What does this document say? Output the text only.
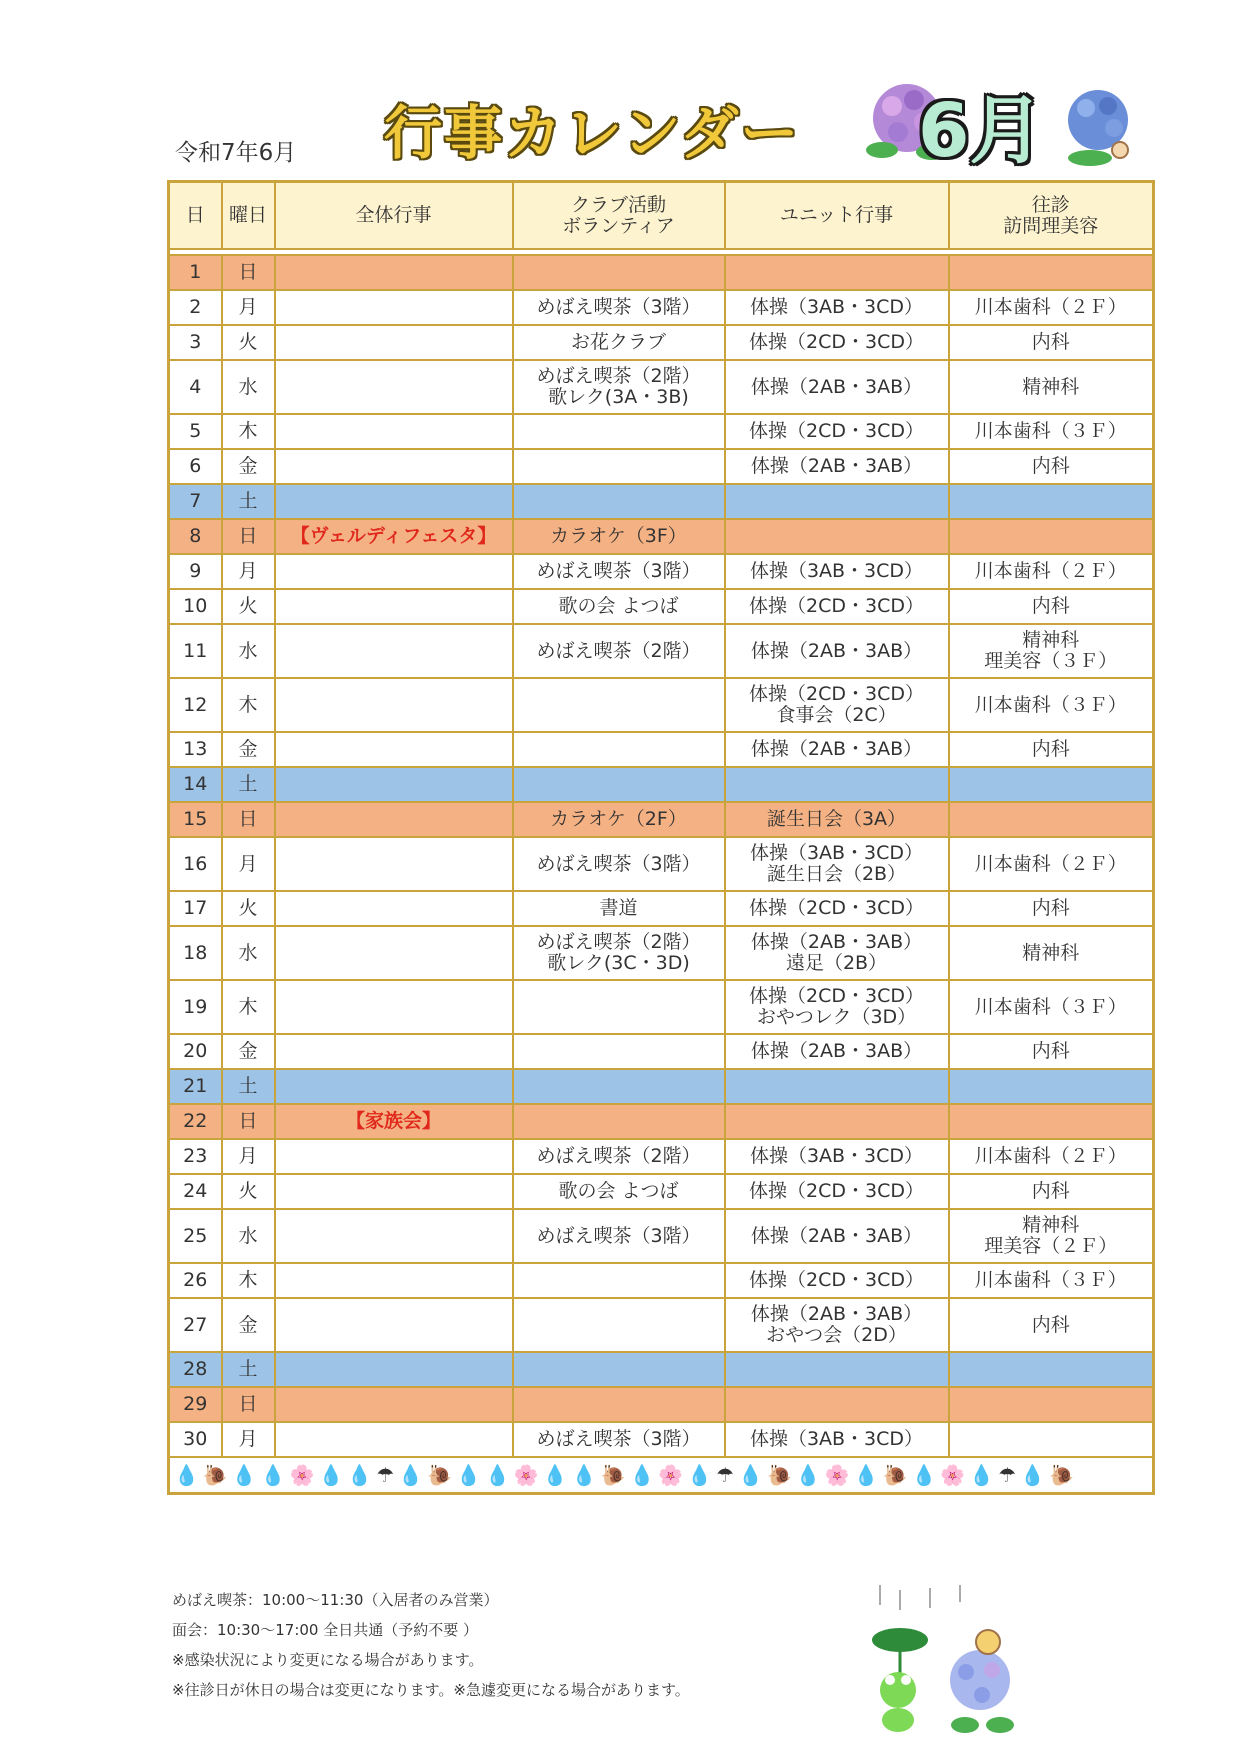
令和7年6月 行事カレンダー 6月
日	曜日	全体行事	クラブ活動
ボランティア	ユニット行事	往診
訪問理美容

1	日				
2	月		めばえ喫茶（3階）	体操（3AB・3CD）	川本歯科（２Ｆ）
3	火		お花クラブ	体操（2CD・3CD）	内科
4	水		めばえ喫茶（2階）
歌レク(3A・3B)	体操（2AB・3AB）	精神科
5	木			体操（2CD・3CD）	川本歯科（３Ｆ）
6	金			体操（2AB・3AB）	内科
7	土				
8	日	【ヴェルディフェスタ】	カラオケ（3F）		
9	月		めばえ喫茶（3階）	体操（3AB・3CD）	川本歯科（２Ｆ）
10	火		歌の会 よつば	体操（2CD・3CD）	内科
11	水		めばえ喫茶（2階）	体操（2AB・3AB）	精神科
理美容（３Ｆ）
12	木			体操（2CD・3CD）
食事会（2C）	川本歯科（３Ｆ）
13	金			体操（2AB・3AB）	内科
14	土				
15	日		カラオケ（2F）	誕生日会（3A）	
16	月		めばえ喫茶（3階）	体操（3AB・3CD）
誕生日会（2B）	川本歯科（２Ｆ）
17	火		書道	体操（2CD・3CD）	内科
18	水		めばえ喫茶（2階）
歌レク(3C・3D)	体操（2AB・3AB）
遠足（2B）	精神科
19	木			体操（2CD・3CD）
おやつレク（3D）	川本歯科（３Ｆ）
20	金			体操（2AB・3AB）	内科
21	土				
22	日	【家族会】			
23	月		めばえ喫茶（2階）	体操（3AB・3CD）	川本歯科（２Ｆ）
24	火		歌の会 よつば	体操（2CD・3CD）	内科
25	水		めばえ喫茶（3階）	体操（2AB・3AB）	精神科
理美容（２Ｆ）
26	木			体操（2CD・3CD）	川本歯科（３Ｆ）
27	金			体操（2AB・3AB）
おやつ会（2D）	内科
28	土				
29	日				
30	月		めばえ喫茶（3階）	体操（3AB・3CD）	
💧🐌💧💧🌸💧💧☂💧🐌💧💧🌸💧💧🐌💧🌸💧☂💧🐌💧🌸💧🐌💧🌸💧☂💧🐌					
めばえ喫茶：10:00～11:30（入居者のみ営業）
面会：10:30～17:00 全日共通（予約不要 ）
※感染状況により変更になる場合があります。
※往診日が休日の場合は変更になります。※急遽変更になる場合があります。
